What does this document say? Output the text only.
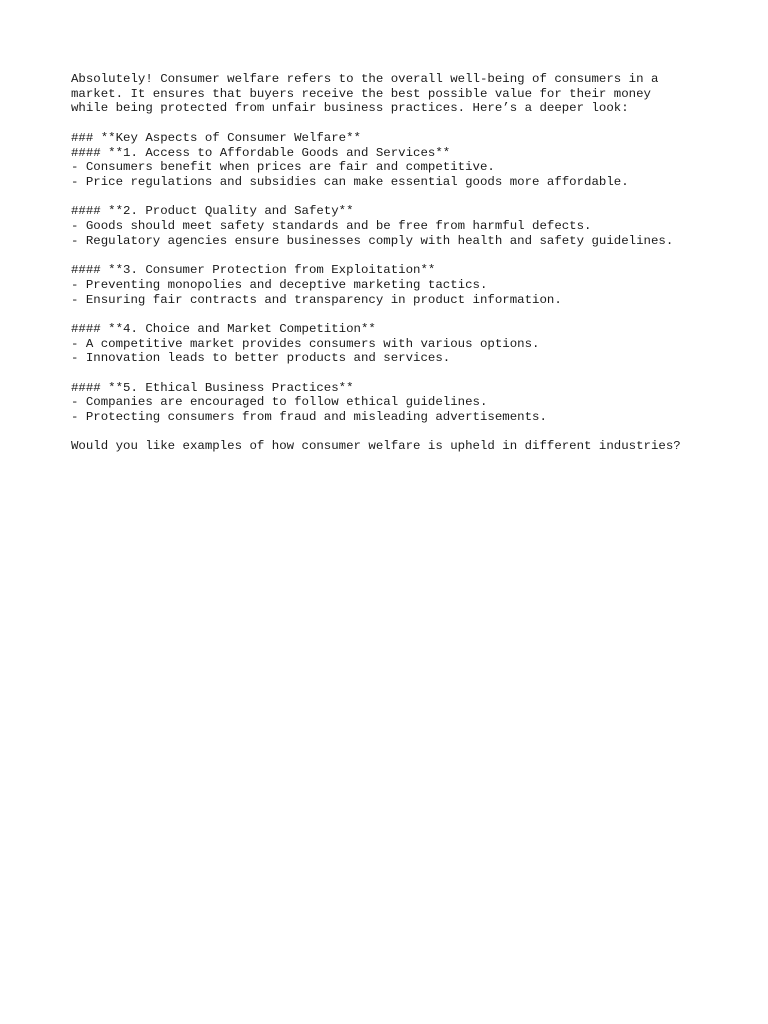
Absolutely! Consumer welfare refers to the overall well-being of consumers in a
market. It ensures that buyers receive the best possible value for their money
while being protected from unfair business practices. Here’s a deeper look:
### **Key Aspects of Consumer Welfare**
#### **1. Access to Affordable Goods and Services**
- Consumers benefit when prices are fair and competitive.
- Price regulations and subsidies can make essential goods more affordable.
#### **2. Product Quality and Safety**
- Goods should meet safety standards and be free from harmful defects.
- Regulatory agencies ensure businesses comply with health and safety guidelines.
#### **3. Consumer Protection from Exploitation**
- Preventing monopolies and deceptive marketing tactics.
- Ensuring fair contracts and transparency in product information.
#### **4. Choice and Market Competition**
- A competitive market provides consumers with various options.
- Innovation leads to better products and services.
#### **5. Ethical Business Practices**
- Companies are encouraged to follow ethical guidelines.
- Protecting consumers from fraud and misleading advertisements.
Would you like examples of how consumer welfare is upheld in different industries?
